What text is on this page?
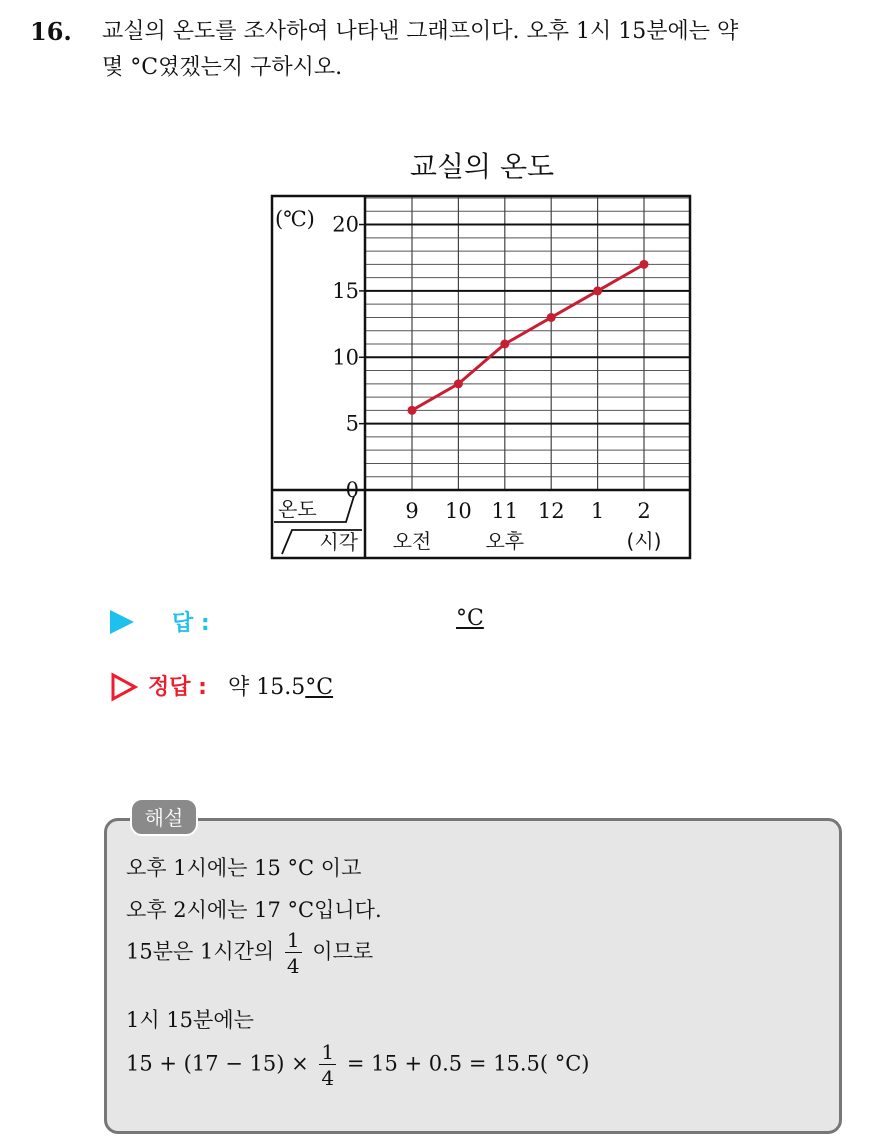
16. 교실의 온도를 조사하여 나타낸 그래프이다. 오후 1시 15분에는 약
몇 °C였겠는지 구하시오.
교실의 온도
0
5
10
15
20
(℃)
9 10 11 12 1 2
오전	오후	(시)
온도
시각
답 :	°C
정답 : 약 15.5°C
해설
오후 1시에는 15 °C 이고
오후 2시에는 17 °C입니다.
15분은 1시간의 $\frac{1}{4}$ 이므로
1시 15분에는
$15 + (17 - 15) \times \frac{1}{4} = 15 + 0.5 = 15.5$( °C)
